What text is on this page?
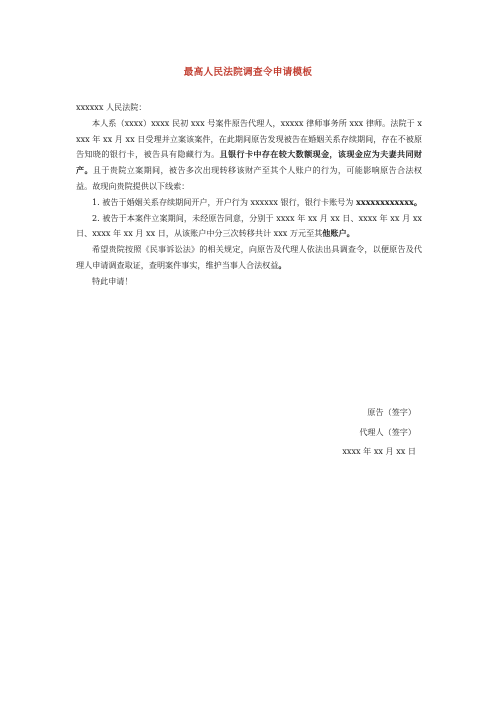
最高人民法院调查令申请模板

xxxxxx 人民法院：

本人系（xxxx）xxxx 民初 xxx 号案件原告代理人，xxxxx 律师事务所 xxx 律师。法院于 xxxx 年 xx 月 xx 日受理并立案该案件，在此期间原告发现被告在婚姻关系存续期间，存在不被原告知晓的银行卡，被告具有隐藏行为。且银行卡中存在较大数额现金，该现金应为夫妻共同财产。且于贵院立案期间，被告多次出现转移该财产至其个人账户的行为，可能影响原告合法权益。故现向贵院提供以下线索：

1. 被告于婚姻关系存续期间开户，开户行为 xxxxxx 银行，银行卡账号为 xxxxxxxxxxxx。

2. 被告于本案件立案期间，未经原告同意，分别于 xxxx 年 xx 月 xx 日、xxxx 年 xx 月 xx 日、xxxx 年 xx 月 xx 日，从该账户中分三次转移共计 xxx 万元至其他账户。

希望贵院按照《民事诉讼法》的相关规定，向原告及代理人依法出具调查令，以便原告及代理人申请调查取证，查明案件事实，维护当事人合法权益。

特此申请！

原告（签字）
代理人（签字）
xxxx 年 xx 月 xx 日
